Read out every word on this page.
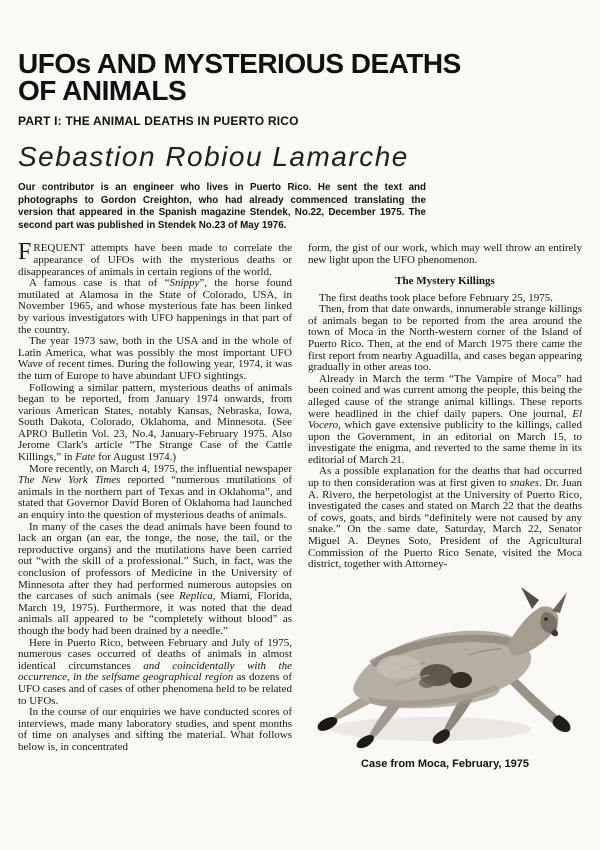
UFOs AND MYSTERIOUS DEATHS
OF ANIMALS
PART I: THE ANIMAL DEATHS IN PUERTO RICO
Sebastion Robiou Lamarche

Our contributor is an engineer who lives in Puerto Rico. He sent the text and photographs to Gordon Creighton, who had already commenced translating the version that appeared in the Spanish magazine Stendek, No.22, December 1975. The second part was published in Stendek No.23 of May 1976.

FREQUENT attempts have been made to correlate the appearance of UFOs with the mysterious deaths or disappearances of animals in certain regions of the world.

A famous case is that of “Snippy”, the horse found mutilated at Alamosa in the State of Colorado, USA, in November 1965, and whose mysterious fate has been linked by various investigators with UFO happenings in that part of the country.

The year 1973 saw, both in the USA and in the whole of Latin America, what was possibly the most important UFO Wave of recent times. During the following year, 1974, it was the turn of Europe to have abundant UFO sightings.

Following a similar pattern, mysterious deaths of animals began to be reported, from January 1974 onwards, from various American States, notably Kansas, Nebraska, Iowa, South Dakota, Colorado, Oklahoma, and Minnesota. (See APRO Bulletin Vol. 23, No.4, January-February 1975. Also Jerome Clark's article “The Strange Case of the Cattle Killings,” in Fate for August 1974.)

More recently, on March 4, 1975, the influential newspaper The New York Times reported “numerous mutilations of animals in the northern part of Texas and in Oklahoma”, and stated that Governor David Boren of Oklahoma had launched an enquiry into the question of mysterious deaths of animals.

In many of the cases the dead animals have been found to lack an organ (an ear, the tonge, the nose, the tail, or the reproductive organs) and the mutilations have been carried out “with the skill of a professional.” Such, in fact, was the conclusion of professors of Medicine in the University of Minnesota after they had performed numerous autopsies on the carcases of such animals (see Replica, Miami, Florida, March 19, 1975). Furthermore, it was noted that the dead animals all appeared to be “completely without blood” as though the body had been drained by a needle.”

Here in Puerto Rico, between February and July of 1975, numerous cases occurred of deaths of animals in almost identical circumstances and coincidentally with the occurrence, in the selfsame geographical region as dozens of UFO cases and of cases of other phenomena held to be related to UFOs.

In the course of our enquiries we have conducted scores of interviews, made many laboratory studies, and spent months of time on analyses and sifting the material. What follows below is, in concentrated

form, the gist of our work, which may well throw an entirely new light upon the UFO phenomenon.

The Mystery Killings

The first deaths took place before February 25, 1975.

Then, from that date onwards, innumerable strange killings of animals began to be reported from the area around the town of Moca in the North-western corner of the Island of Puerto Rico. Then, at the end of March 1975 there came the first report from nearby Aguadilla, and cases began appearing gradually in other areas too.

Already in March the term “The Vampire of Moca” had been coined and was current among the people, this being the alleged cause of the strange animal killings. These reports were headlined in the chief daily papers. One journal, El Vocero, which gave extensive publicity to the killings, called upon the Government, in an editorial on March 15, to investigate the enigma, and reverted to the same theme in its editorial of March 21.

As a possible explanation for the deaths that had occurred up to then consideration was at first given to snakes. Dr. Juan A. Rivero, the herpetologist at the University of Puerto Rico, investigated the cases and stated on March 22 that the deaths of cows, goats, and birds “definitely were not caused by any snake.” On the same date, Saturday, March 22, Senator Miguel A. Deynes Soto, President of the Agricultural Commission of the Puerto Rico Senate, visited the Moca district, together with Attorney-

Case from Moca, February, 1975
